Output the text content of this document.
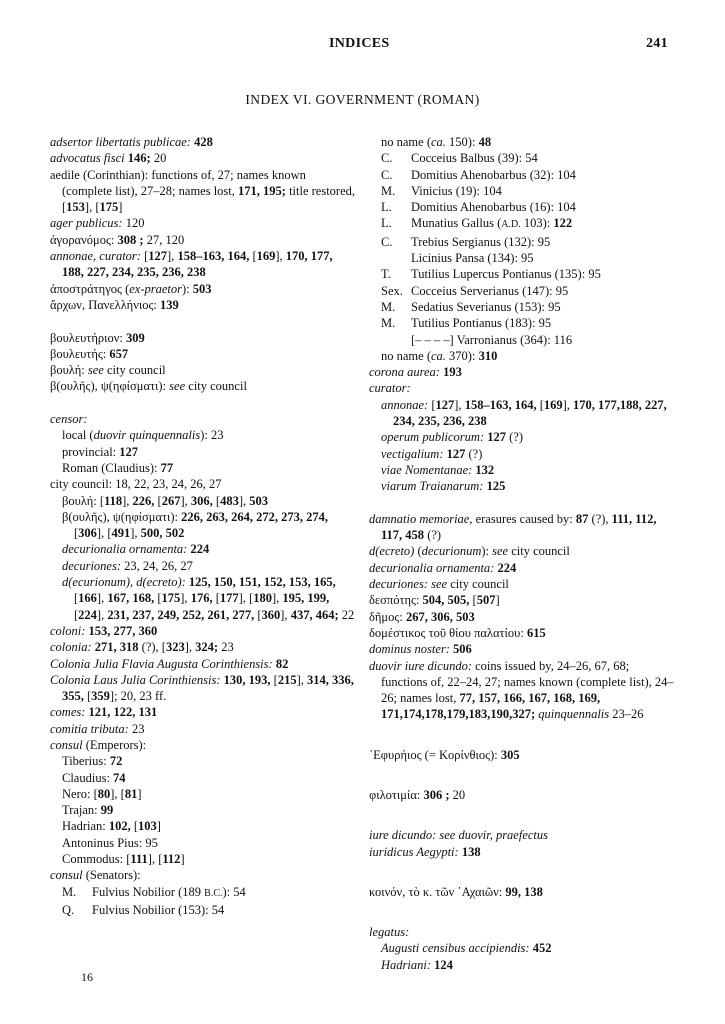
INDICES	241
INDEX VI. GOVERNMENT (ROMAN)
adsertor libertatis publicae: 428
advocatus fisci 146; 20
aedile (Corinthian): functions of, 27; names known (complete list), 27–28; names lost, 171, 195; title restored, [153], [175]
ager publicus: 120
ἀγορανόμος: 308 ; 27, 120
annonae, curator: [127], 158–163, 164, [169], 170, 177, 188, 227, 234, 235, 236, 238
ἀποστράτηγος (ex-praetor): 503
ἄρχων, Πανελλήνιος: 139
βουλευτήριον: 309
βουλευτής: 657
βουλή: see city council
β(ουλῆς), ψ(ηφίσματι): see city council
censor:
local (duovir quinquennalis): 23
provincial: 127
Roman (Claudius): 77
city council: 18, 22, 23, 24, 26, 27
βουλή: [118], 226, [267], 306, [483], 503
β(ουλῆς), ψ(ηφίσματι): 226, 263, 264, 272, 273, 274, [306], [491], 500, 502
decurionalia ornamenta: 224
decuriones: 23, 24, 26, 27
d(ecurionum), d(ecreto): 125, 150, 151, 152, 153, 165, [166], 167, 168, [175], 176, [177], [180], 195, 199, [224], 231, 237, 249, 252, 261, 277, [360], 437, 464; 22
coloni: 153, 277, 360
colonia: 271, 318 (?), [323], 324; 23
Colonia Julia Flavia Augusta Corinthiensis: 82
Colonia Laus Julia Corinthiensis: 130, 193, [215], 314, 336, 355, [359]; 20, 23 ff.
comes: 121, 122, 131
comitia tributa: 23
consul (Emperors):
Tiberius: 72
Claudius: 74
Nero: [80], [81]
Trajan: 99
Hadrian: 102, [103]
Antoninus Pius: 95
Commodus: [111], [112]
consul (Senators):
M.	Fulvius Nobilior (189 B.C.): 54
Q.	Fulvius Nobilior (153): 54
no name (ca. 150): 48
C.	Cocceius Balbus (39): 54
C.	Domitius Ahenobarbus (32): 104
M.	Vinicius (19): 104
L.	Domitius Ahenobarbus (16): 104
L.	Munatius Gallus (A.D. 103): 122
C.	Trebius Sergianus (132): 95
Licinius Pansa (134): 95
T.	Tutilius Lupercus Pontianus (135): 95
Sex. Cocceius Serverianus (147): 95
M.	Sedatius Severianus (153): 95
M.	Tutilius Pontianus (183): 95
[– – – –] Varronianus (364): 116
no name (ca. 370): 310
corona aurea: 193
curator:
annonae: [127], 158–163, 164, [169], 170, 177,188, 227, 234, 235, 236, 238
operum publicorum: 127 (?)
vectigalium: 127 (?)
viae Nomentanae: 132
viarum Traianarum: 125
damnatio memoriae, erasures caused by: 87 (?), 111, 112, 117, 458 (?)
d(ecreto) (decurionum): see city council
decurionalia ornamenta: 224
decuriones: see city council
δεσπότης: 504, 505, [507]
δῆμος: 267, 306, 503
δομέστικος τοῦ θίου παλατίου: 615
dominus noster: 506
duovir iure dicundo: coins issued by, 24–26, 67, 68; functions of, 22–24, 27; names known (complete list), 24–26; names lost, 77, 157, 166, 167, 168, 169, 171,174,178,179,183,190,327; quinquennalis 23–26
᾿Εφυρήιος (= Κορίνθιος): 305
φιλοτιμία: 306 ; 20
iure dicundo: see duovir, praefectus
iuridicus Aegypti: 138
κοινόν, τὸ κ. τῶν ᾿Αχαιῶν: 99, 138
legatus:
Augusti censibus accipiendis: 452
Hadriani: 124
16
